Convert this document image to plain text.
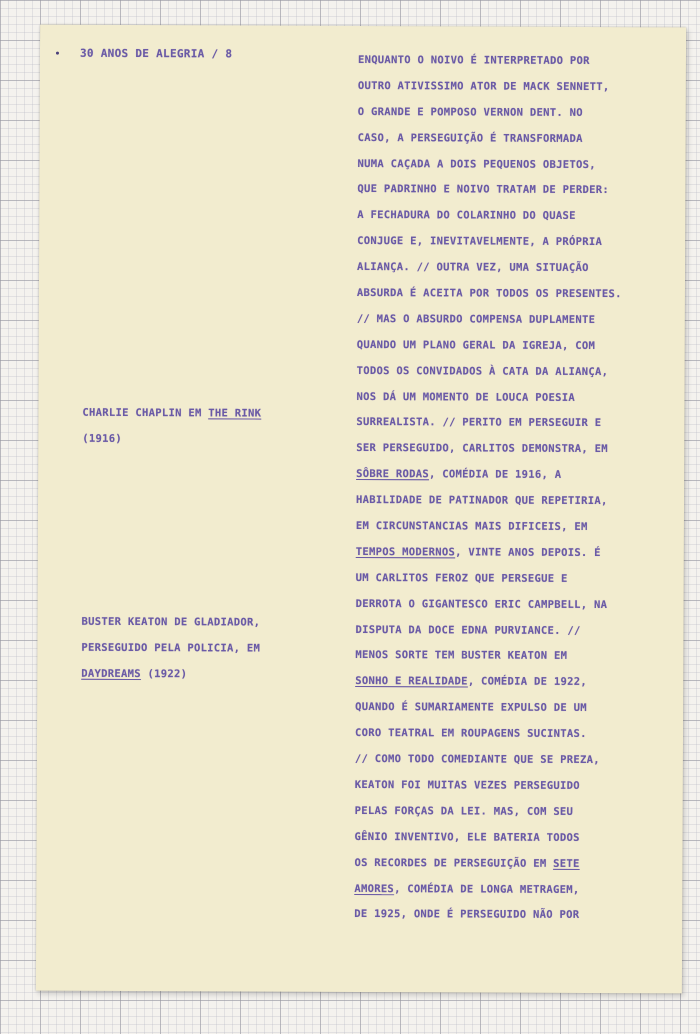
30 ANOS DE ALEGRIA / 8
CHARLIE CHAPLIN EM THE RINK
(1916)
BUSTER KEATON DE GLADIADOR,
PERSEGUIDO PELA POLICIA, EM
DAYDREAMS (1922)
ENQUANTO O NOIVO É INTERPRETADO POR
OUTRO ATIVISSIMO ATOR DE MACK SENNETT,
O GRANDE E POMPOSO VERNON DENT. NO
CASO, A PERSEGUIÇÃO É TRANSFORMADA
NUMA CAÇADA A DOIS PEQUENOS OBJETOS,
QUE PADRINHO E NOIVO TRATAM DE PERDER:
A FECHADURA DO COLARINHO DO QUASE
CONJUGE E, INEVITAVELMENTE, A PRÓPRIA
ALIANÇA. // OUTRA VEZ, UMA SITUAÇÃO
ABSURDA É ACEITA POR TODOS OS PRESENTES.
// MAS O ABSURDO COMPENSA DUPLAMENTE
QUANDO UM PLANO GERAL DA IGREJA, COM
TODOS OS CONVIDADOS À CATA DA ALIANÇA,
NOS DÁ UM MOMENTO DE LOUCA POESIA
SURREALISTA. // PERITO EM PERSEGUIR E
SER PERSEGUIDO, CARLITOS DEMONSTRA, EM
SÔBRE RODAS, COMÉDIA DE 1916, A
HABILIDADE DE PATINADOR QUE REPETIRIA,
EM CIRCUNSTANCIAS MAIS DIFICEIS, EM
TEMPOS MODERNOS, VINTE ANOS DEPOIS. É
UM CARLITOS FEROZ QUE PERSEGUE E
DERROTA O GIGANTESCO ERIC CAMPBELL, NA
DISPUTA DA DOCE EDNA PURVIANCE. //
MENOS SORTE TEM BUSTER KEATON EM
SONHO E REALIDADE, COMÉDIA DE 1922,
QUANDO É SUMARIAMENTE EXPULSO DE UM
CORO TEATRAL EM ROUPAGENS SUCINTAS.
// COMO TODO COMEDIANTE QUE SE PREZA,
KEATON FOI MUITAS VEZES PERSEGUIDO
PELAS FORÇAS DA LEI. MAS, COM SEU
GÊNIO INVENTIVO, ELE BATERIA TODOS
OS RECORDES DE PERSEGUIÇÃO EM SETE
AMORES, COMÉDIA DE LONGA METRAGEM,
DE 1925, ONDE É PERSEGUIDO NÃO POR
